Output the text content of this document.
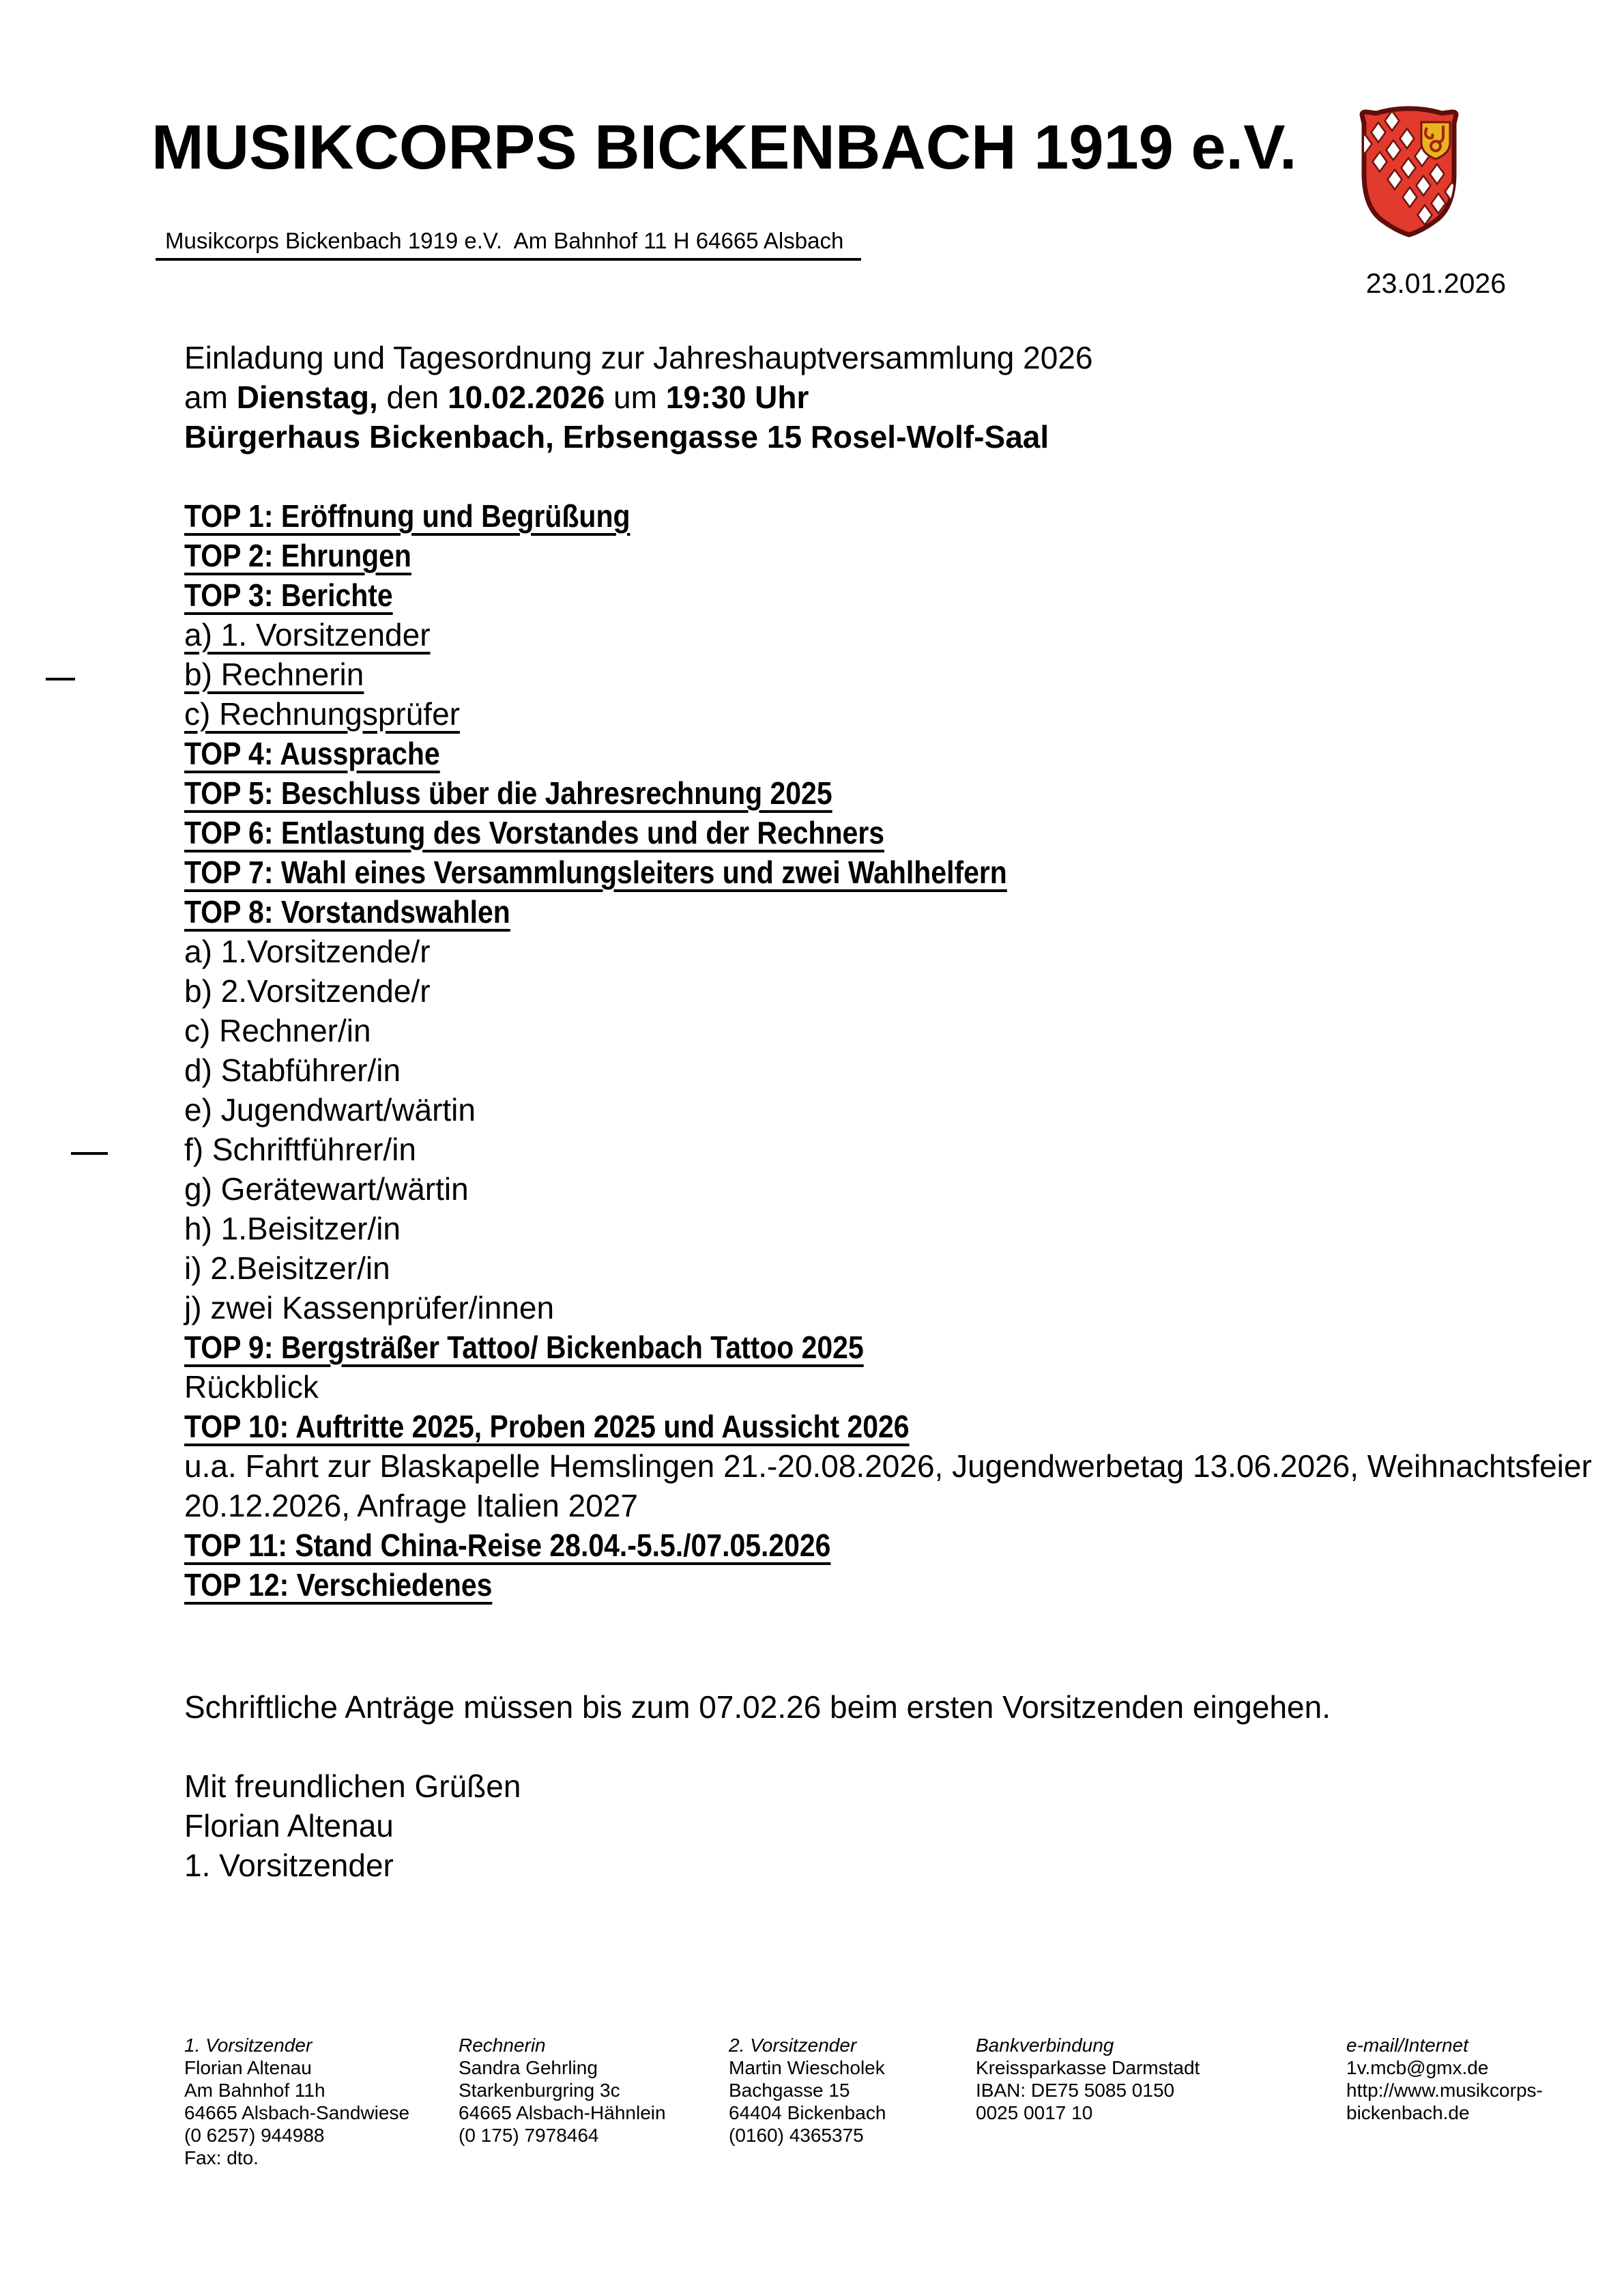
MUSIKCORPS BICKENBACH 1919 e.V.
Musikcorps Bickenbach 1919 e.V.  Am Bahnhof 11 H 64665 Alsbach
23.01.2026
Einladung und Tagesordnung zur Jahreshauptversammlung 2026
am Dienstag, den 10.02.2026 um 19:30 Uhr
Bürgerhaus Bickenbach, Erbsengasse 15 Rosel-Wolf-Saal
TOP 1: Eröffnung und Begrüßung
TOP 2: Ehrungen
TOP 3: Berichte
a) 1. Vorsitzender
b) Rechnerin
c) Rechnungsprüfer
TOP 4: Aussprache
TOP 5: Beschluss über die Jahresrechnung 2025
TOP 6: Entlastung des Vorstandes und der Rechners
TOP 7: Wahl eines Versammlungsleiters und zwei Wahlhelfern
TOP 8: Vorstandswahlen
a) 1.Vorsitzende/r
b) 2.Vorsitzende/r
c) Rechner/in
d) Stabführer/in
e) Jugendwart/wärtin
f) Schriftführer/in
g) Gerätewart/wärtin
h) 1.Beisitzer/in
i) 2.Beisitzer/in
j) zwei Kassenprüfer/innen
TOP 9: Bergsträßer Tattoo/ Bickenbach Tattoo 2025
Rückblick
TOP 10: Auftritte 2025, Proben 2025 und Aussicht 2026
u.a. Fahrt zur Blaskapelle Hemslingen 21.-20.08.2026, Jugendwerbetag 13.06.2026, Weihnachtsfeier
20.12.2026, Anfrage Italien 2027
TOP 11: Stand China-Reise 28.04.-5.5./07.05.2026
TOP 12: Verschiedenes
Schriftliche Anträge müssen bis zum 07.02.26 beim ersten Vorsitzenden eingehen.
Mit freundlichen Grüßen
Florian Altenau
1. Vorsitzender
1. Vorsitzender
Florian Altenau
Am Bahnhof 11h
64665 Alsbach-Sandwiese
(0 6257) 944988
Fax: dto.
Rechnerin
Sandra Gehrling
Starkenburgring 3c
64665 Alsbach-Hähnlein
(0 175) 7978464
2. Vorsitzender
Martin Wiescholek
Bachgasse 15
64404 Bickenbach
(0160) 4365375
Bankverbindung
Kreissparkasse Darmstadt
IBAN: DE75 5085 0150
0025 0017 10
e-mail/Internet
1v.mcb@gmx.de
http://www.musikcorps-
bickenbach.de
